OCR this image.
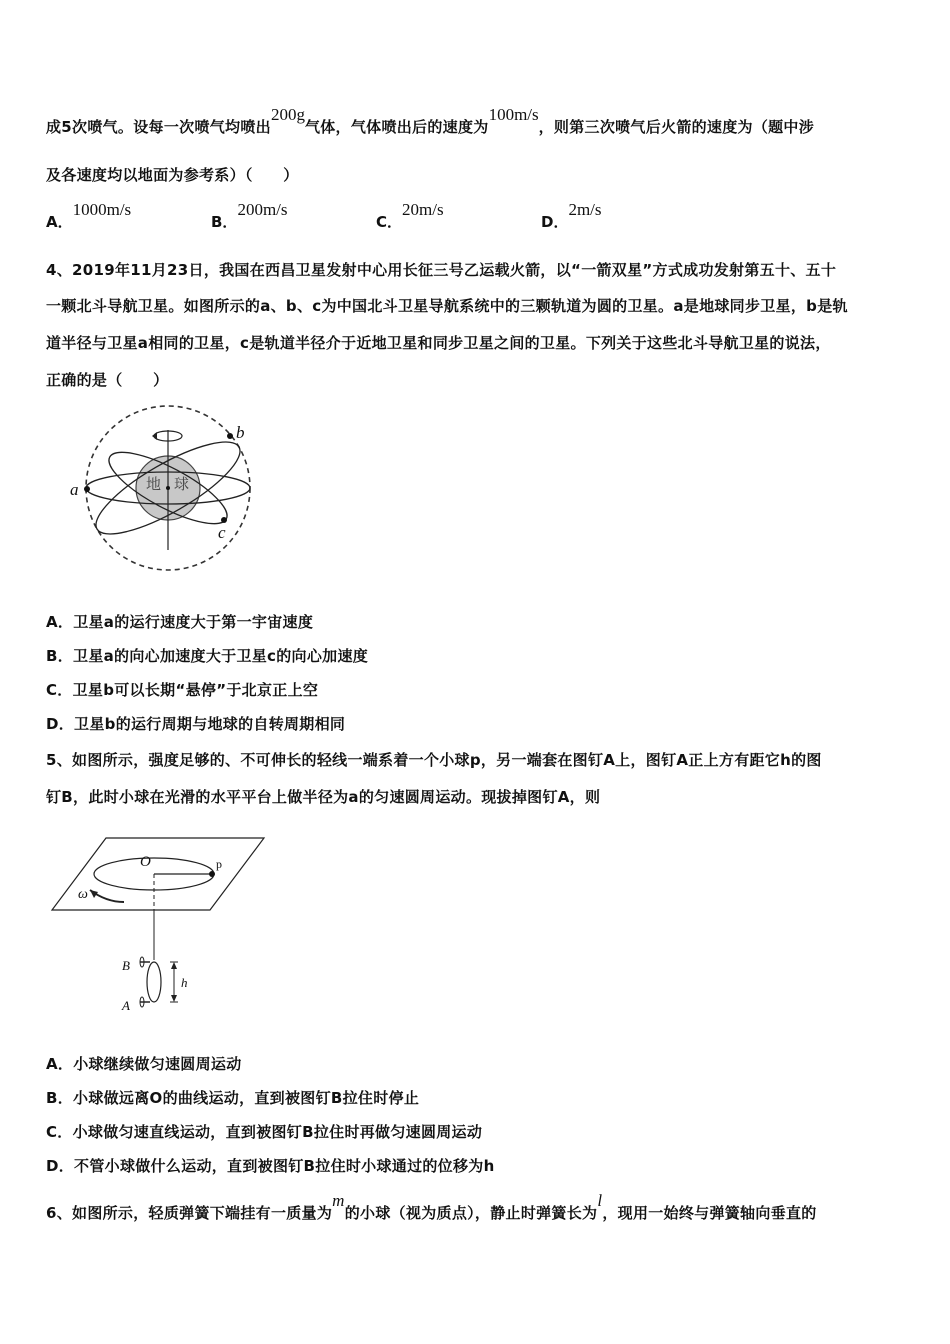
成5次喷气。设每一次喷气均喷出200g气体，气体喷出后的速度为100m/s，则第三次喷气后火箭的速度为（题中涉
及各速度均以地面为参考系）（　　）
A．1000m/s
B．200m/s
C．20m/s
D．2m/s
4、2019年11月23日，我国在西昌卫星发射中心用长征三号乙运载火箭，以“一箭双星”方式成功发射第五十、五十
一颗北斗导航卫星。如图所示的a、b、c为中国北斗卫星导航系统中的三颗轨道为圆的卫星。a是地球同步卫星，b是轨
道半径与卫星a相同的卫星，c是轨道半径介于近地卫星和同步卫星之间的卫星。下列关于这些北斗导航卫星的说法，
正确的是（　　）
地 球
a
b
c
A．卫星a的运行速度大于第一宇宙速度
B．卫星a的向心加速度大于卫星c的向心加速度
C．卫星b可以长期“悬停”于北京正上空
D．卫星b的运行周期与地球的自转周期相同
5、如图所示，强度足够的、不可伸长的轻线一端系着一个小球p，另一端套在图钉A上，图钉A正上方有距它h的图
钉B，此时小球在光滑的水平平台上做半径为a的匀速圆周运动。现拔掉图钉A，则
O	p
ω
B
A
h
A．小球继续做匀速圆周运动
B．小球做远离O的曲线运动，直到被图钉B拉住时停止
C．小球做匀速直线运动，直到被图钉B拉住时再做匀速圆周运动
D．不管小球做什么运动，直到被图钉B拉住时小球通过的位移为h
6、如图所示，轻质弹簧下端挂有一质量为m的小球（视为质点），静止时弹簧长为l，现用一始终与弹簧轴向垂直的
